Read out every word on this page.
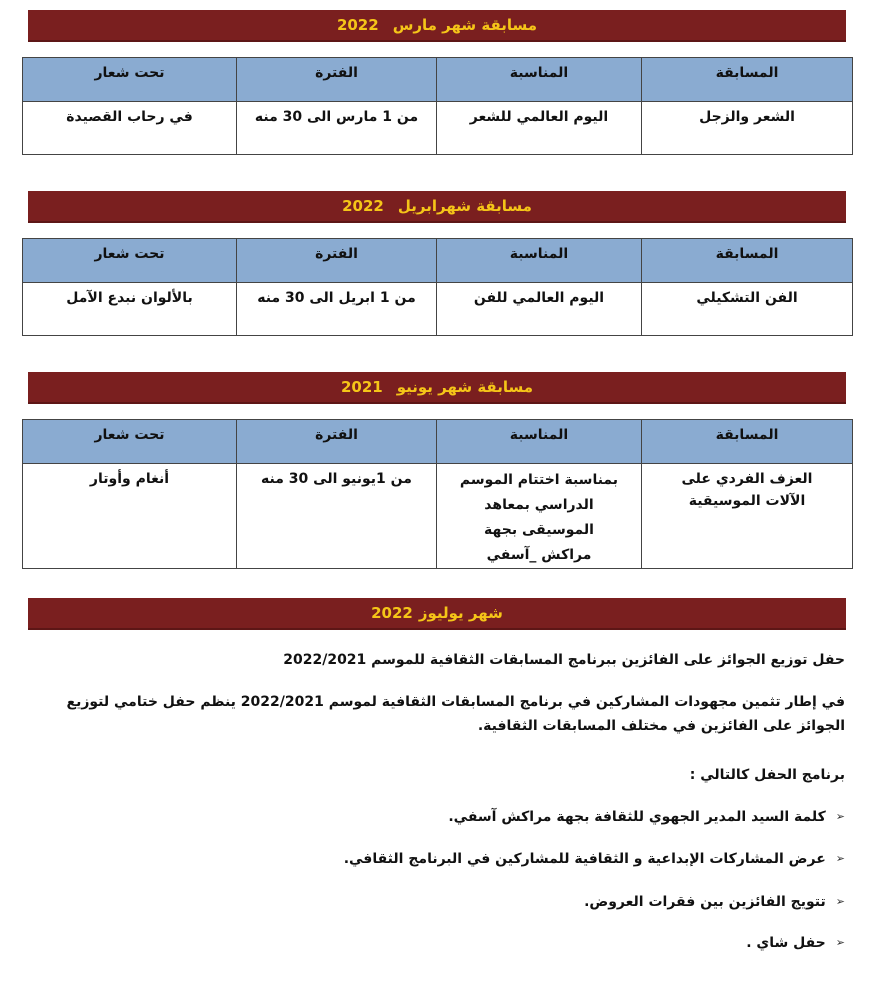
مسابقة شهر مارس
2022
المسابقة	المناسبة	الفترة	تحت شعار
الشعر والزجل	اليوم العالمي للشعر	من 1 مارس الى 30 منه	في رحاب القصيدة
مسابقة شهرابريل
2022
المسابقة	المناسبة	الفترة	تحت شعار
الفن التشكيلي	اليوم العالمي للفن	من 1 ابريل الى 30 منه	بالألوان نبدع الآمل
مسابقة شهر يونيو
2021
المسابقة	المناسبة	الفترة	تحت شعار
العزف الفردي على الآلات الموسيقية	بمناسبة اختتام الموسم الدراسي بمعاهد الموسيقى بجهة مراكش _آسفي	من 1يونيو الى 30 منه	أنغام وأوتار
شهر يوليوز
2022
حفل توزيع الجوائز على الفائزين ببرنامج المسابقات الثقافية للموسم 2022/2021
في إطار تثمين مجهودات المشاركين في برنامج المسابقات الثقافية لموسم 2022/2021 ينظم حفل ختامي لتوزيع الجوائز على الفائزين في مختلف المسابقات الثقافية.
برنامج الحفل كالتالي :
➢
كلمة السيد المدير الجهوي للثقافة بجهة مراكش آسفي.
➢
عرض المشاركات الإبداعية و الثقافية للمشاركين في البرنامج الثقافي.
➢
تتويج الفائزين بين فقرات العروض.
➢
حفل شاي .
